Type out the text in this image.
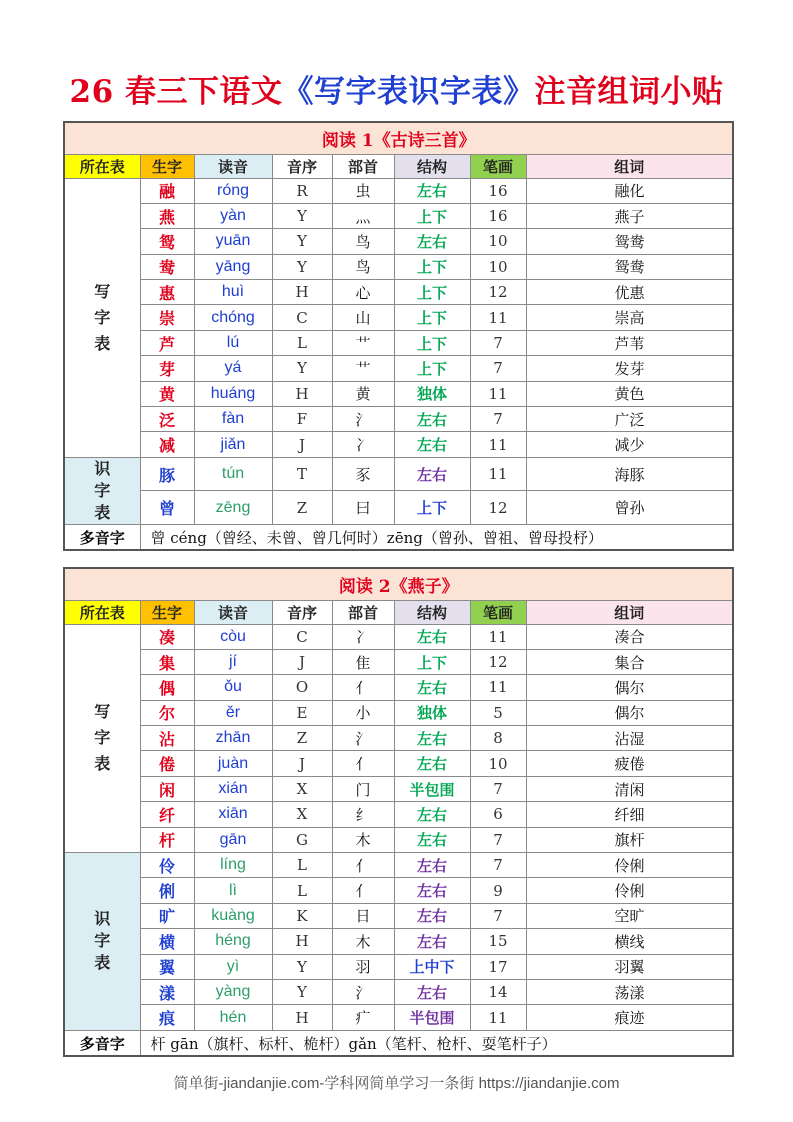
26 春三下语文《写字表识字表》注音组词小贴
阅读 1《古诗三首》								
所在表	生字	读音	音序	部首	结构	笔画	组词	
写
字
表	融	róng	R	虫	左右	16	融化		
	燕	yàn	Y	灬	上下	16	燕子		
	鸳	yuān	Y	鸟	左右	10	鸳鸯		
	鸯	yāng	Y	鸟	上下	10	鸳鸯		
	惠	huì	H	心	上下	12	优惠		
	崇	chóng	C	山	上下	11	崇高		
	芦	lú	L	艹	上下	7	芦苇		
	芽	yá	Y	艹	上下	7	发芽		
	黄	huáng	H	黄	独体	11	黄色		
	泛	fàn	F	氵	左右	7	广泛		
	减	jiǎn	J	冫	左右	11	减少		
识
字
表	豚	tún	T	豕	左右	11	海豚		
	曾	zēng	Z	曰	上下	12	曾孙		
多音字	曾 céng（曾经、未曾、曾几何时）zēng（曾孙、曾祖、曾母投杼）							
阅读 2《燕子》								
所在表	生字	读音	音序	部首	结构	笔画	组词	
写
字
表	凑	còu	C	冫	左右	11	凑合		
	集	jí	J	隹	上下	12	集合		
	偶	ǒu	O	亻	左右	11	偶尔		
	尔	ěr	E	小	独体	5	偶尔		
	沾	zhān	Z	氵	左右	8	沾湿		
	倦	juàn	J	亻	左右	10	疲倦		
	闲	xián	X	门	半包围	7	清闲		
	纤	xiān	X	纟	左右	6	纤细		
	杆	gān	G	木	左右	7	旗杆		
识
字
表	伶	líng	L	亻	左右	7	伶俐		
	俐	lì	L	亻	左右	9	伶俐		
	旷	kuàng	K	日	左右	7	空旷		
	横	héng	H	木	左右	15	横线		
	翼	yì	Y	羽	上中下	17	羽翼		
	漾	yàng	Y	氵	左右	14	荡漾		
	痕	hén	H	疒	半包围	11	痕迹		
多音字	杆 gān（旗杆、标杆、桅杆）gǎn（笔杆、枪杆、耍笔杆子）							
简单街-jiandanjie.com-学科网简单学习一条街 https://jiandanjie.com
